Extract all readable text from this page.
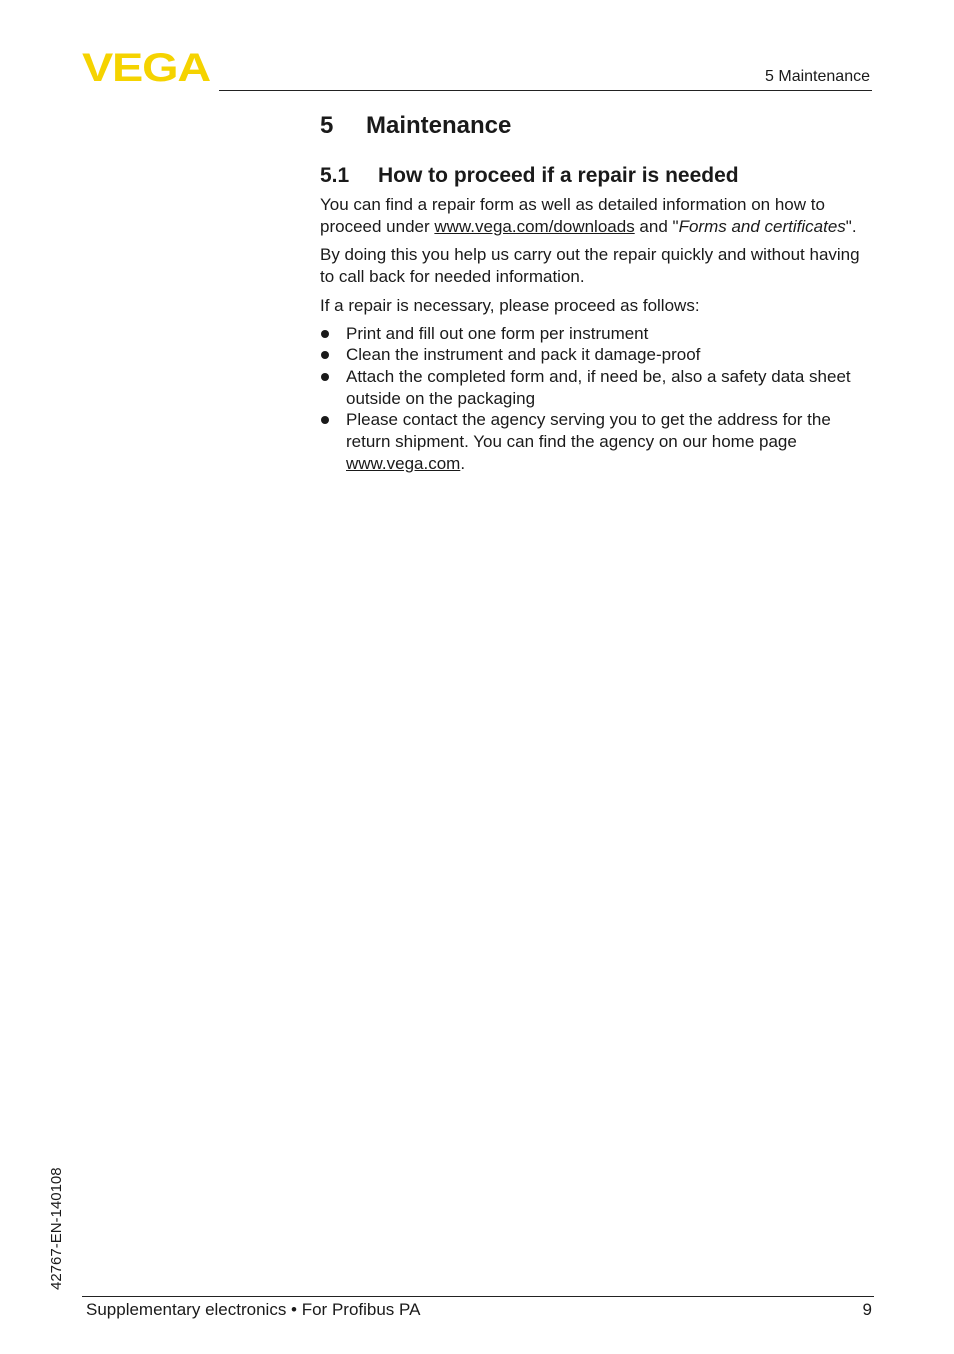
VEGA	5 Maintenance
5	Maintenance
5.1	How to proceed if a repair is needed

You can find a repair form as well as detailed information on how to proceed under www.vega.com/downloads and "Forms and certificates".

By doing this you help us carry out the repair quickly and without having to call back for needed information.

If a repair is necessary, please proceed as follows:

Print and fill out one form per instrument
Clean the instrument and pack it damage-proof
Attach the completed form and, if need be, also a safety data sheet outside on the packaging
Please contact the agency serving you to get the address for the return shipment. You can find the agency on our home page www.vega.com.
42767-EN-140108
Supplementary electronics • For Profibus PA	9
